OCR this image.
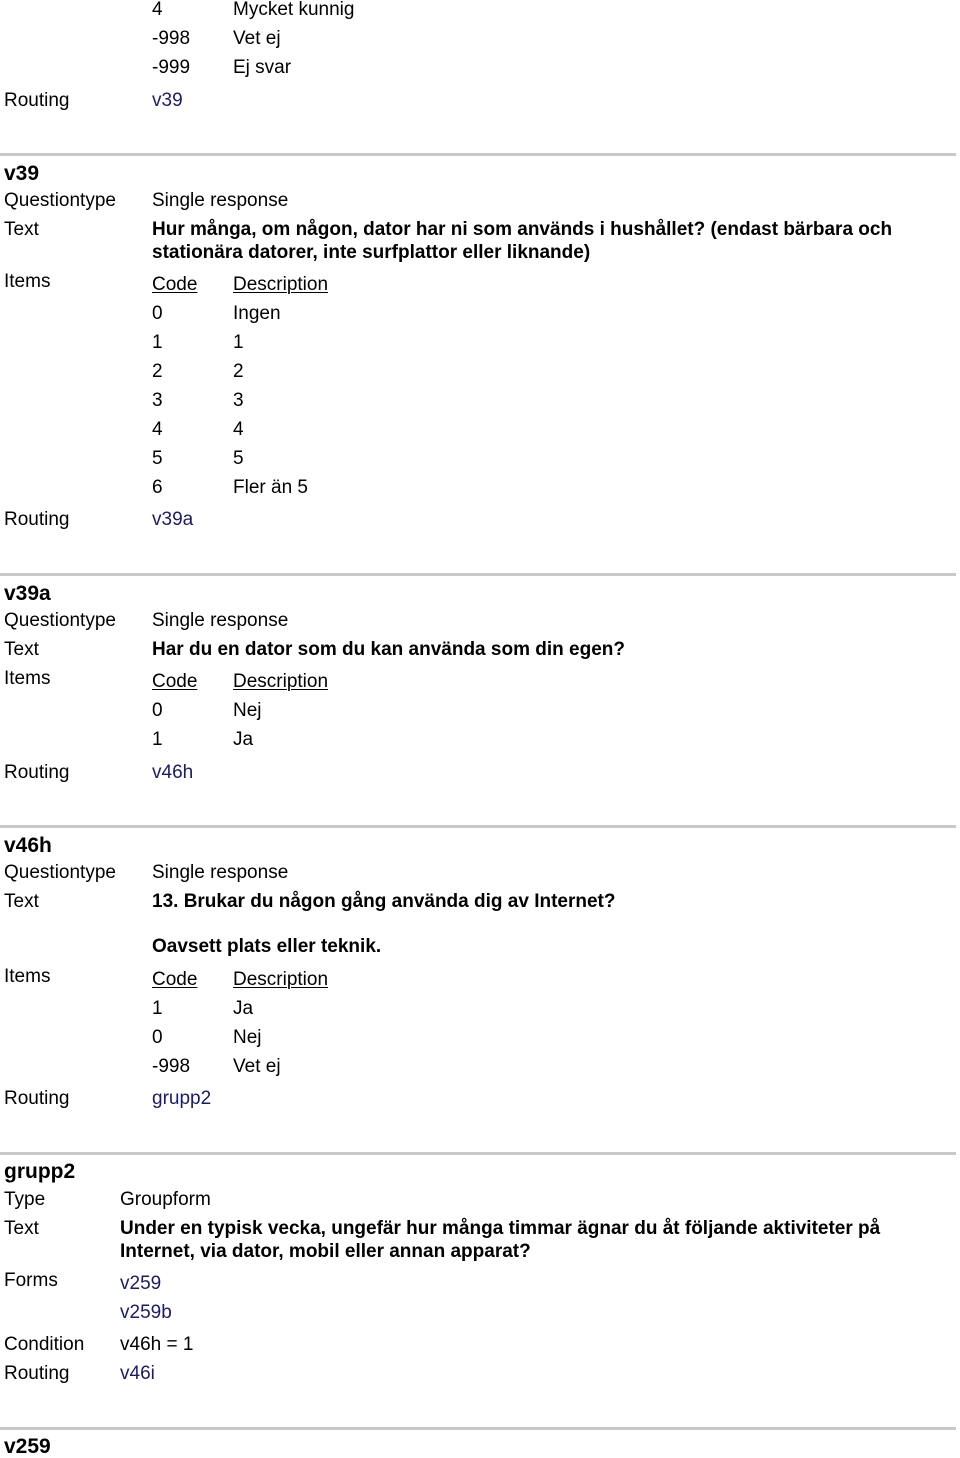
4	Mycket kunnig
-998 Vet ej
-999 Ej svar
Routing	v39
v39
Questiontype Single response
Text	Hur många, om någon, dator har ni som används i hushållet? (endast bärbara och
stationära datorer, inte surfplattor eller liknande)
Items	Code Description
0	Ingen
1	1
2	2
3	3
4	4
5	5
6	Fler än 5
Routing	v39a
v39a
Questiontype Single response
Text	Har du en dator som du kan använda som din egen?
Items	Code Description
0	Nej
1	Ja
Routing	v46h
v46h
Questiontype Single response
Text	13. Brukar du någon gång använda dig av Internet?
Oavsett plats eller teknik.
Items	Code Description
1	Ja
0	Nej
-998 Vet ej
Routing	grupp2
grupp2
Type	Groupform
Text	Under en typisk vecka, ungefär hur många timmar ägnar du åt följande aktiviteter på
Internet, via dator, mobil eller annan apparat?
Forms	v259
v259b
Condition v46h = 1
Routing	v46i
v259
